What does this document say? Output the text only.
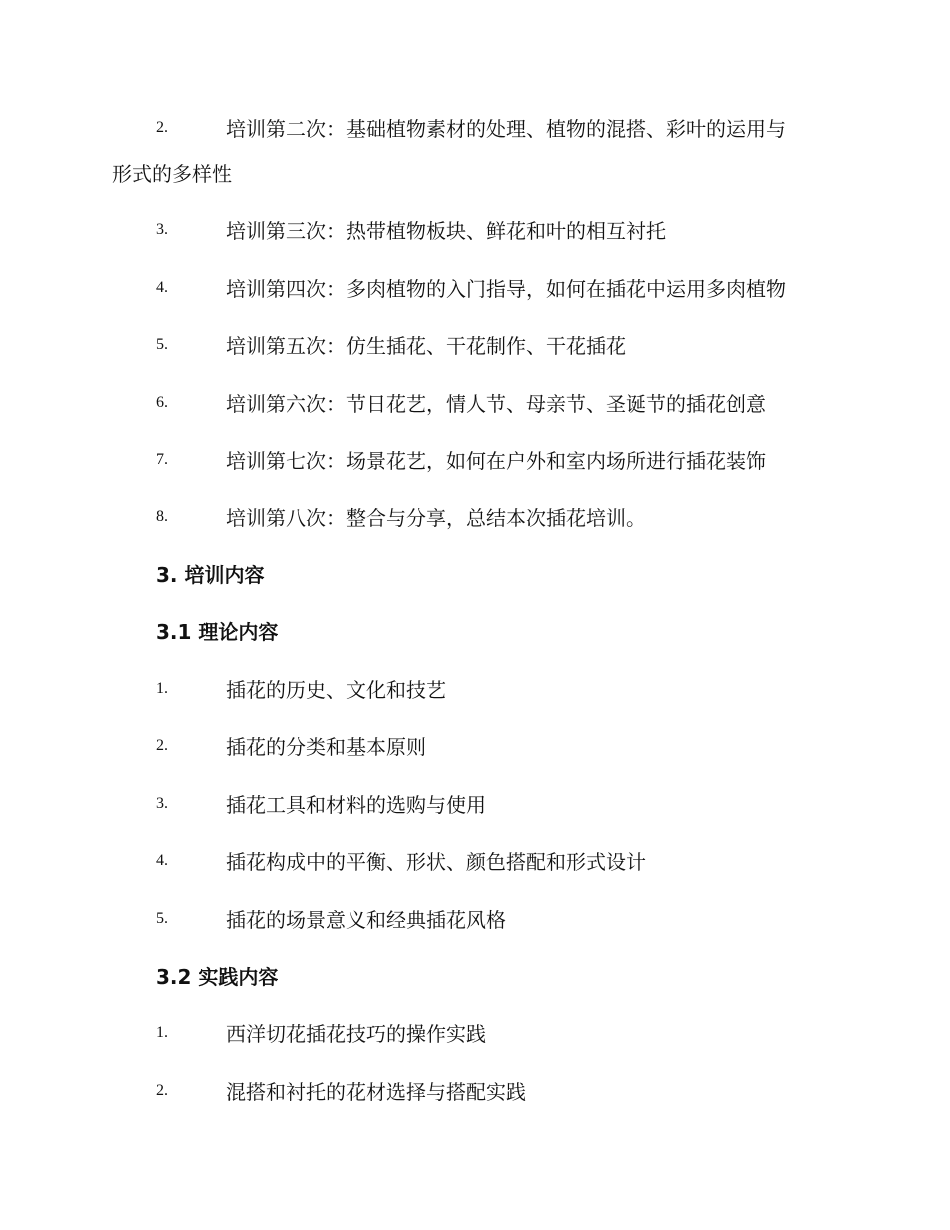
2.	培训第二次：基础植物素材的处理、植物的混搭、彩叶的运用与
形式的多样性
3.	培训第三次：热带植物板块、鲜花和叶的相互衬托
4.	培训第四次：多肉植物的入门指导，如何在插花中运用多肉植物
5.	培训第五次：仿生插花、干花制作、干花插花
6.	培训第六次：节日花艺，情人节、母亲节、圣诞节的插花创意
7.	培训第七次：场景花艺，如何在户外和室内场所进行插花装饰
8.	培训第八次：整合与分享，总结本次插花培训。
3. 培训内容
3.1 理论内容
1.	插花的历史、文化和技艺
2.	插花的分类和基本原则
3.	插花工具和材料的选购与使用
4.	插花构成中的平衡、形状、颜色搭配和形式设计
5.	插花的场景意义和经典插花风格
3.2 实践内容
1.	西洋切花插花技巧的操作实践
2.	混搭和衬托的花材选择与搭配实践
